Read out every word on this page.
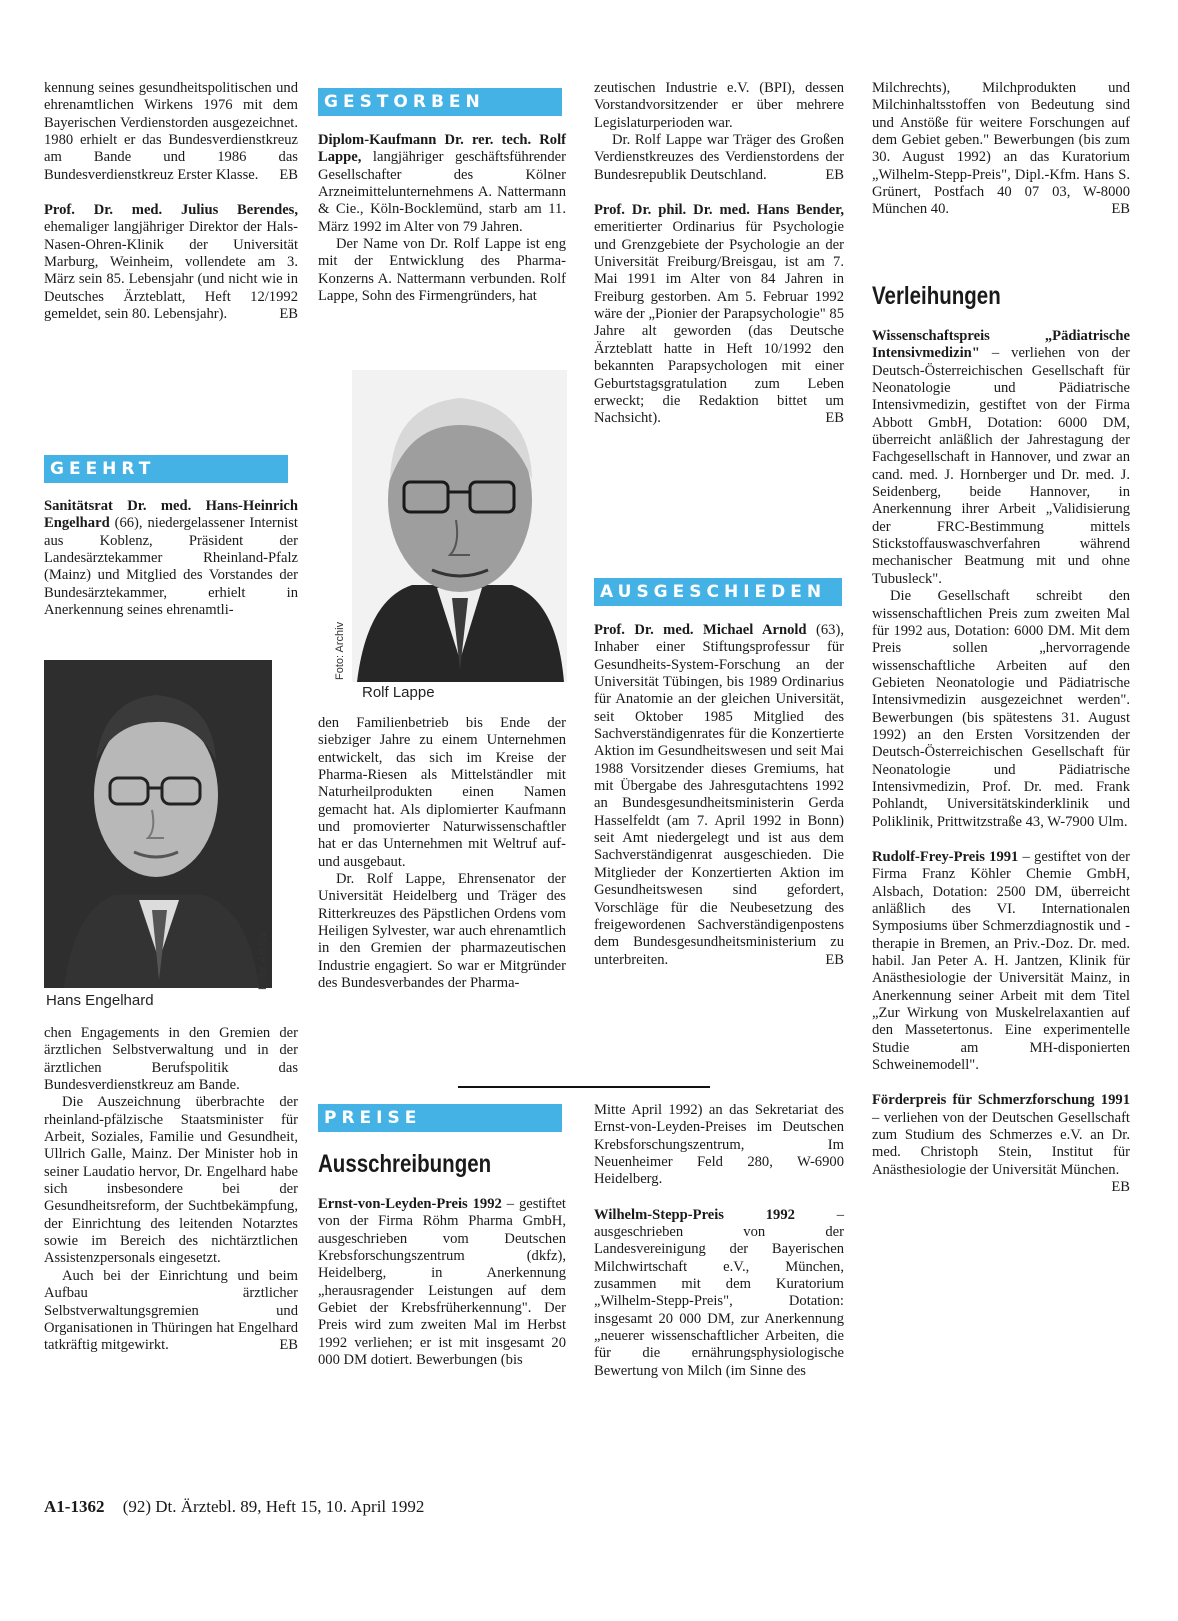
kennung seines gesundheitspolitischen und ehrenamtlichen Wirkens 1976 mit dem Bayerischen Verdienstorden ausgezeichnet. 1980 erhielt er das Bundesverdienstkreuz am Bande und 1986 das Bundesverdienstkreuz Erster Klasse. EB

Prof. Dr. med. Julius Berendes, ehemaliger langjähriger Direktor der Hals-Nasen-Ohren-Klinik der Universität Marburg, Weinheim, vollendete am 3. März sein 85. Lebensjahr (und nicht wie in Deutsches Ärzteblatt, Heft 12/1992 gemeldet, sein 80. Lebensjahr).	EB

GEEHRT

Sanitätsrat Dr. med. Hans-Heinrich Engelhard (66), niedergelassener Internist aus Koblenz, Präsident der Landesärztekammer Rheinland-Pfalz (Mainz) und Mitglied des Vorstandes der Bundesärztekammer, erhielt in Anerkennung seines ehrenamtli-

Hans Engelhard
Foto: Archiv

chen Engagements in den Gremien der ärztlichen Selbstverwaltung und in der ärztlichen Berufspolitik das Bundesverdienstkreuz am Bande.

Die Auszeichnung überbrachte der rheinland-pfälzische Staatsminister für Arbeit, Soziales, Familie und Gesundheit, Ullrich Galle, Mainz. Der Minister hob in seiner Laudatio hervor, Dr. Engelhard habe sich insbesondere bei der Gesundheitsreform, der Suchtbekämpfung, der Einrichtung des leitenden Notarztes sowie im Bereich des nichtärztlichen Assistenzpersonals eingesetzt.

Auch bei der Einrichtung und beim Aufbau ärztlicher Selbstverwaltungsgremien und Organisationen in Thüringen hat Engelhard tatkräftig mitgewirkt.	EB

GESTORBEN

Diplom-Kaufmann Dr. rer. tech. Rolf Lappe, langjähriger geschäftsführender Gesellschafter des Kölner Arzneimittelunternehmens A. Nattermann & Cie., Köln-Bocklemünd, starb am 11. März 1992 im Alter von 79 Jahren.

Der Name von Dr. Rolf Lappe ist eng mit der Entwicklung des Pharma-Konzerns A. Nattermann verbunden. Rolf Lappe, Sohn des Firmengründers, hat

Foto: Archiv
Rolf Lappe

den Familienbetrieb bis Ende der siebziger Jahre zu einem Unternehmen entwickelt, das sich im Kreise der Pharma-Riesen als Mittelständler mit Naturheilprodukten einen Namen gemacht hat. Als diplomierter Kaufmann und promovierter Naturwissenschaftler hat er das Unternehmen mit Weltruf auf- und ausgebaut.

Dr. Rolf Lappe, Ehrensenator der Universität Heidelberg und Träger des Ritterkreuzes des Päpstlichen Ordens vom Heiligen Sylvester, war auch ehrenamtlich in den Gremien der pharmazeutischen Industrie engagiert. So war er Mitgründer des Bundesverbandes der Pharma-

PREISE
Ausschreibungen

Ernst-von-Leyden-Preis 1992 – gestiftet von der Firma Röhm Pharma GmbH, ausgeschrieben vom Deutschen Krebsforschungszentrum (dkfz), Heidelberg, in Anerkennung „herausragender Leistungen auf dem Gebiet der Krebsfrüherkennung". Der Preis wird zum zweiten Mal im Herbst 1992 verliehen; er ist mit insgesamt 20 000 DM dotiert. Bewerbungen (bis

zeutischen Industrie e.V. (BPI), dessen Vorstandvorsitzender er über mehrere Legislaturperioden war.

Dr. Rolf Lappe war Träger des Großen Verdienstkreuzes des Verdienstordens der Bundesrepublik Deutschland.	EB

Prof. Dr. phil. Dr. med. Hans Bender, emeritierter Ordinarius für Psychologie und Grenzgebiete der Psychologie an der Universität Freiburg/Breisgau, ist am 7. Mai 1991 im Alter von 84 Jahren in Freiburg gestorben. Am 5. Februar 1992 wäre der „Pionier der Parapsychologie" 85 Jahre alt geworden (das Deutsche Ärzteblatt hatte in Heft 10/1992 den bekannten Parapsychologen mit einer Geburtstagsgratulation zum Leben erweckt; die Redaktion bittet um Nachsicht).	EB

AUSGESCHIEDEN

Prof. Dr. med. Michael Arnold (63), Inhaber einer Stiftungsprofessur für Gesundheits-System-Forschung an der Universität Tübingen, bis 1989 Ordinarius für Anatomie an der gleichen Universität, seit Oktober 1985 Mitglied des Sachverständigenrates für die Konzertierte Aktion im Gesundheitswesen und seit Mai 1988 Vorsitzender dieses Gremiums, hat mit Übergabe des Jahresgutachtens 1992 an Bundesgesundheitsministerin Gerda Hasselfeldt (am 7. April 1992 in Bonn) seit Amt niedergelegt und ist aus dem Sachverständigenrat ausgeschieden. Die Mitglieder der Konzertierten Aktion im Gesundheitswesen sind gefordert, Vorschläge für die Neubesetzung des freigewordenen Sachverständigenpostens dem Bundesgesundheitsministerium zu unterbreiten.	EB

Mitte April 1992) an das Sekretariat des Ernst-von-Leyden-Preises im Deutschen Krebsforschungszentrum, Im Neuenheimer Feld 280, W-6900 Heidelberg.

Wilhelm-Stepp-Preis 1992 – ausgeschrieben von der Landesvereinigung der Bayerischen Milchwirtschaft e.V., München, zusammen mit dem Kuratorium „Wilhelm-Stepp-Preis", Dotation: insgesamt 20 000 DM, zur Anerkennung „neuerer wissenschaftlicher Arbeiten, die für die ernährungsphysiologische Bewertung von Milch (im Sinne des

Milchrechts), Milchprodukten und Milchinhaltsstoffen von Bedeutung sind und Anstöße für weitere Forschungen auf dem Gebiet geben." Bewerbungen (bis zum 30. August 1992) an das Kuratorium „Wilhelm-Stepp-Preis", Dipl.-Kfm. Hans S. Grünert, Postfach 40 07 03, W-8000 München 40.	EB

Verleihungen

Wissenschaftspreis „Pädiatrische Intensivmedizin" – verliehen von der Deutsch-Österreichischen Gesellschaft für Neonatologie und Pädiatrische Intensivmedizin, gestiftet von der Firma Abbott GmbH, Dotation: 6000 DM, überreicht anläßlich der Jahrestagung der Fachgesellschaft in Hannover, und zwar an cand. med. J. Hornberger und Dr. med. J. Seidenberg, beide Hannover, in Anerkennung ihrer Arbeit „Validisierung der FRC-Bestimmung mittels Stickstoffauswaschverfahren während mechanischer Beatmung mit und ohne Tubusleck".

Die Gesellschaft schreibt den wissenschaftlichen Preis zum zweiten Mal für 1992 aus, Dotation: 6000 DM. Mit dem Preis sollen „hervorragende wissenschaftliche Arbeiten auf den Gebieten Neonatologie und Pädiatrische Intensivmedizin ausgezeichnet werden". Bewerbungen (bis spätestens 31. August 1992) an den Ersten Vorsitzenden der Deutsch-Österreichischen Gesellschaft für Neonatologie und Pädiatrische Intensivmedizin, Prof. Dr. med. Frank Pohlandt, Universitätskinderklinik und Poliklinik, Prittwitzstraße 43, W-7900 Ulm.

Rudolf-Frey-Preis 1991 – gestiftet von der Firma Franz Köhler Chemie GmbH, Alsbach, Dotation: 2500 DM, überreicht anläßlich des VI. Internationalen Symposiums über Schmerzdiagnostik und -therapie in Bremen, an Priv.-Doz. Dr. med. habil. Jan Peter A. H. Jantzen, Klinik für Anästhesiologie der Universität Mainz, in Anerkennung seiner Arbeit mit dem Titel „Zur Wirkung von Muskelrelaxantien auf den Massetertonus. Eine experimentelle Studie am MH-disponierten Schweinemodell".

Förderpreis für Schmerzforschung 1991 – verliehen von der Deutschen Gesellschaft zum Studium des Schmerzes e.V. an Dr. med. Christoph Stein, Institut für Anästhesiologie der Universität München.
EB

A1-1362 (92) Dt. Ärztebl. 89, Heft 15, 10. April 1992
